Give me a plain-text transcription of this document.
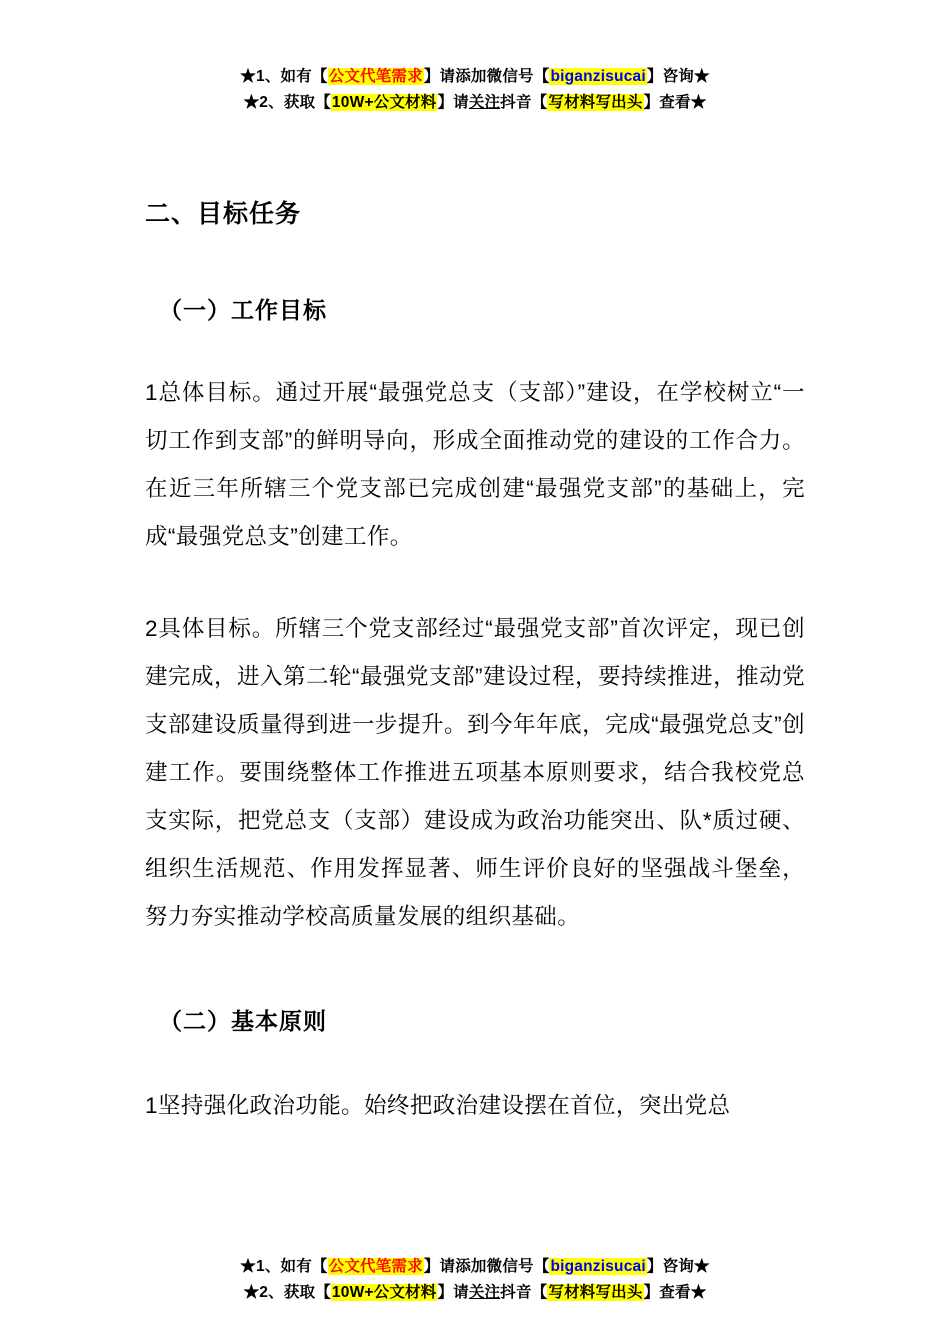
★1、如有【公文代笔需求】请添加微信号【biganzisucai】咨询★
★2、获取【10W+公文材料】请关注抖音【写材料写出头】查看★
二、目标任务
（一）工作目标

1总体目标。通过开展“最强党总支（支部）”建设，在学校树立“一切工作到支部”的鲜明导向，形成全面推动党的建设的工作合力。在近三年所辖三个党支部已完成创建“最强党支部”的基础上，完成“最强党总支”创建工作。

2具体目标。所辖三个党支部经过“最强党支部”首次评定，现已创建完成，进入第二轮“最强党支部”建设过程，要持续推进，推动党支部建设质量得到进一步提升。到今年年底，完成“最强党总支”创建工作。要围绕整体工作推进五项基本原则要求，结合我校党总支实际，把党总支（支部）建设成为政治功能突出、队*质过硬、组织生活规范、作用发挥显著、师生评价良好的坚强战斗堡垒，努力夯实推动学校高质量发展的组织基础。

（二）基本原则

1坚持强化政治功能。始终把政治建设摆在首位，突出党总

★1、如有【公文代笔需求】请添加微信号【biganzisucai】咨询★
★2、获取【10W+公文材料】请关注抖音【写材料写出头】查看★
